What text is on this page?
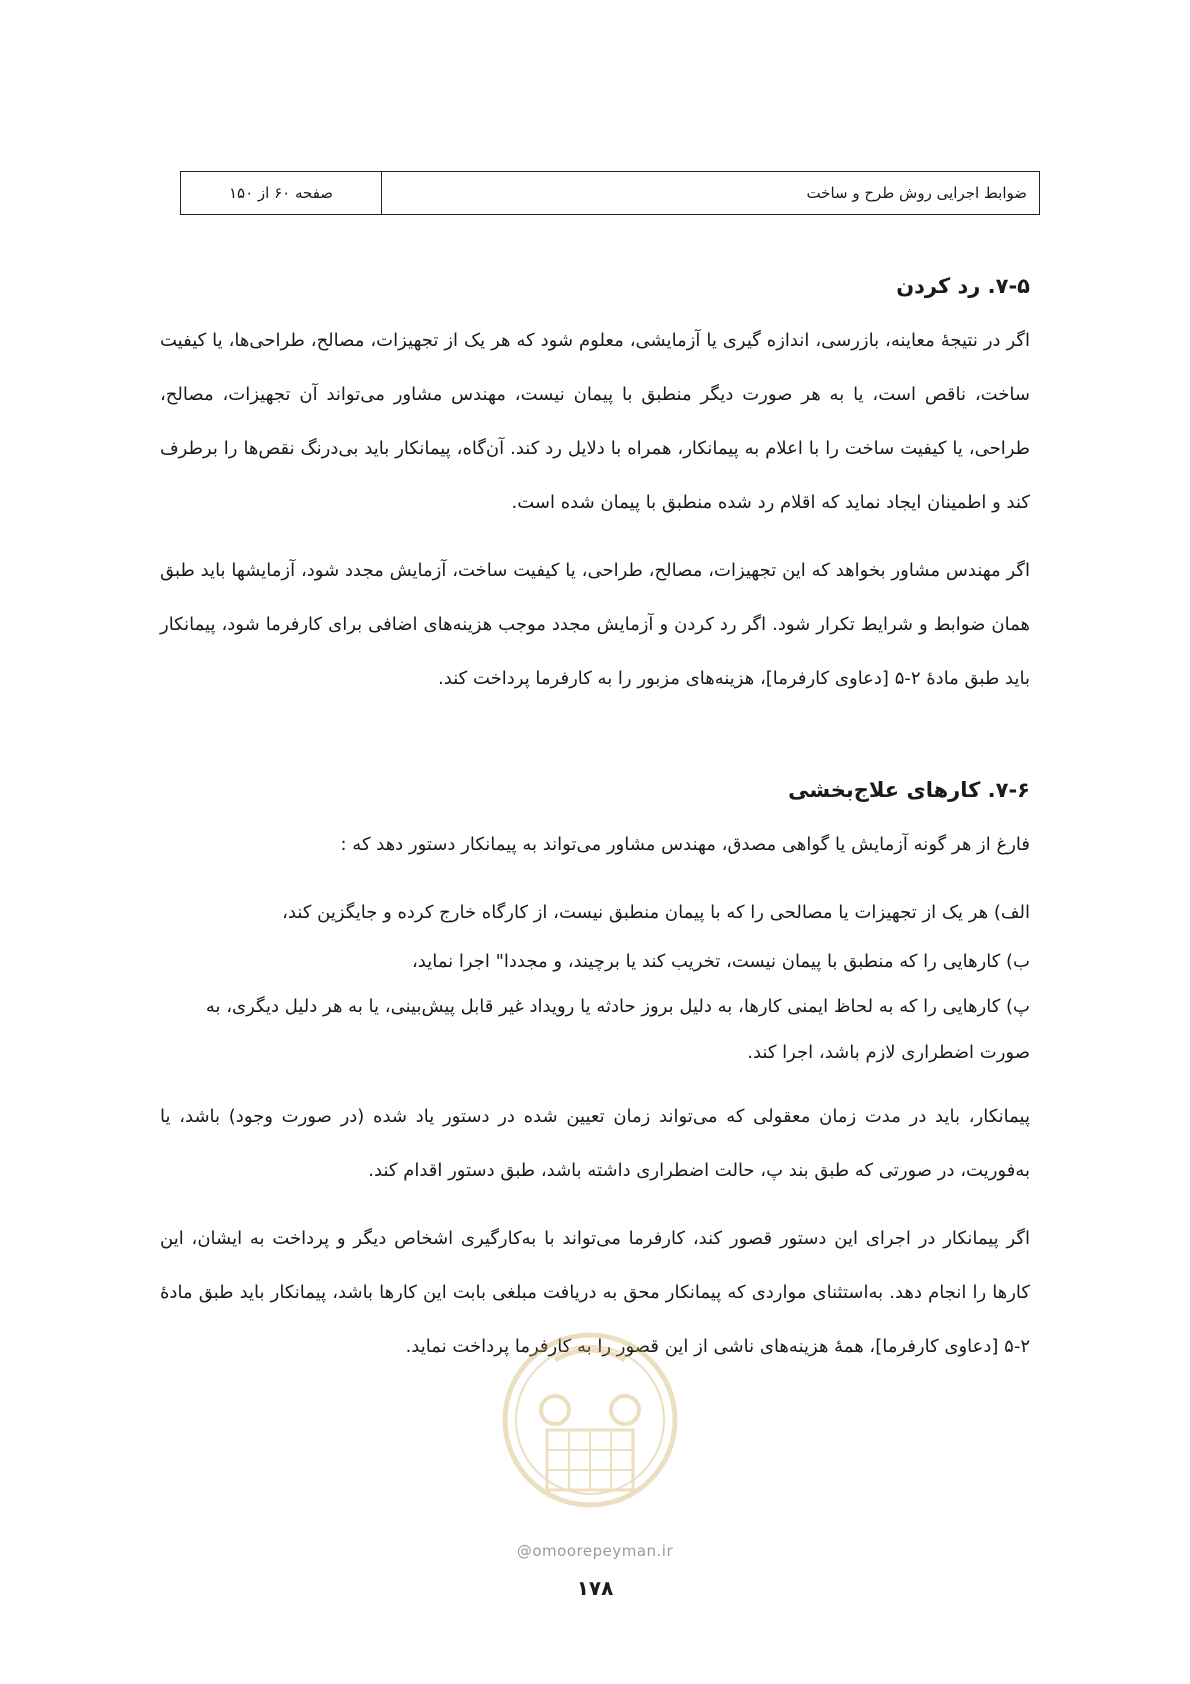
ضوابط اجرایی روش طرح و ساخت
صفحه ۶۰ از ۱۵۰
۷-۵. رد کردن

اگر در نتیجۀ معاینه، بازرسی، اندازه گیری یا آزمایشی، معلوم شود که هر یک از تجهیزات، مصالح، طراحی‌ها، یا کیفیت ساخت، ناقص است، یا به هر صورت دیگر منطبق با پیمان نیست، مهندس مشاور می‌تواند آن تجهیزات، مصالح، طراحی، یا کیفیت ساخت را با اعلام به پیمانکار، همراه با دلایل رد کند. آن‌گاه، پیمانکار باید بی‌درنگ نقص‌ها را برطرف کند و اطمینان ایجاد نماید که اقلام رد شده منطبق با پیمان شده است.

اگر مهندس مشاور بخواهد که این تجهیزات، مصالح، طراحی، یا کیفیت ساخت، آزمایش مجدد شود، آزمایشها باید طبق همان ضوابط و شرایط تکرار شود. اگر رد کردن و آزمایش مجدد موجب هزینه‌های اضافی برای کارفرما شود، پیمانکار باید طبق مادۀ ۲-۵ [دعاوی کارفرما]، هزینه‌های مزبور را به کارفرما پرداخت کند.

۷-۶. کارهای علاج‌بخشی

فارغ از هر گونه آزمایش یا گواهی مصدق، مهندس مشاور می‌تواند به پیمانکار دستور دهد که :

الف) هر یک از تجهیزات یا مصالحی را که با پیمان منطبق نیست، از کارگاه خارج کرده و جایگزین کند،

ب) کارهایی را که منطبق با پیمان نیست، تخریب کند یا برچیند، و مجددا" اجرا نماید،

پ) کارهایی را که به لحاظ ایمنی کارها، به دلیل بروز حادثه یا رویداد غیر قابل پیش‌بینی، یا به هر دلیل دیگری، به صورت اضطراری لازم باشد، اجرا کند.

پیمانکار، باید در مدت زمان معقولی که می‌تواند زمان تعیین شده در دستور یاد شده (در صورت وجود) باشد، یا به‌فوریت، در صورتی که طبق بند پ، حالت اضطراری داشته باشد، طبق دستور اقدام کند.

اگر پیمانکار در اجرای این دستور قصور کند، کارفرما می‌تواند با به‌کارگیری اشخاص دیگر و پرداخت به ایشان، این کارها را انجام دهد. به‌استثنای مواردی که پیمانکار محق به دریافت مبلغی بابت این کارها باشد، پیمانکار باید طبق مادۀ ۲-۵ [دعاوی کارفرما]، همۀ هزینه‌های ناشی از این قصور را به کارفرما پرداخت نماید.

@omoorepeyman.ir
۱۷۸
